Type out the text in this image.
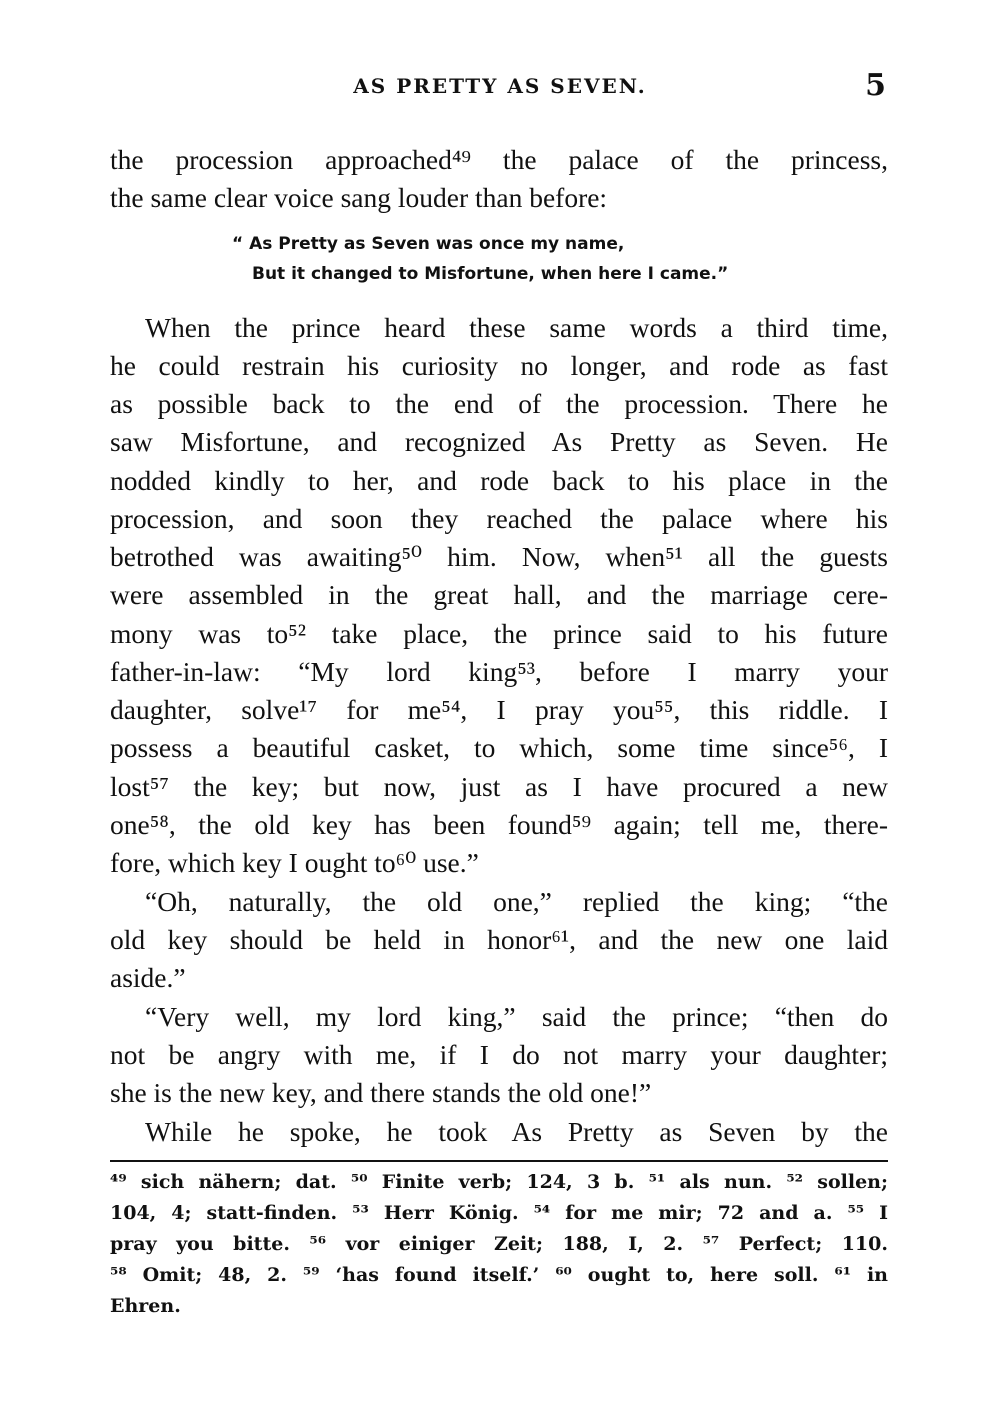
AS PRETTY AS SEVEN.	5
the procession approached⁴⁹ the palace of the princess,
the same clear voice sang louder than before:
“ As Pretty as Seven was once my name,
But it changed to Misfortune, when here I came.”
When the prince heard these same words a third time,
he could restrain his curiosity no longer, and rode as fast
as possible back to the end of the procession. There he
saw Misfortune, and recognized As Pretty as Seven. He
nodded kindly to her, and rode back to his place in the
procession, and soon they reached the palace where his
betrothed was awaiting⁵⁰ him. Now, when⁵¹ all the guests
were assembled in the great hall, and the marriage cere-
mony was to⁵² take place, the prince said to his future
father-in-law: “My lord king⁵³, before I marry your
daughter, solve¹⁷ for me⁵⁴, I pray you⁵⁵, this riddle. I
possess a beautiful casket, to which, some time since⁵⁶, I
lost⁵⁷ the key; but now, just as I have procured a new
one⁵⁸, the old key has been found⁵⁹ again; tell me, there-
fore, which key I ought to⁶⁰ use.”
“Oh, naturally, the old one,” replied the king; “the
old key should be held in honor⁶¹, and the new one laid
aside.”
“Very well, my lord king,” said the prince; “then do
not be angry with me, if I do not marry your daughter;
she is the new key, and there stands the old one!”
While he spoke, he took As Pretty as Seven by the
⁴⁹ sich nähern; dat. ⁵⁰ Finite verb; 124, 3 b. ⁵¹ als nun. ⁵² sollen;
104, 4; statt-finden. ⁵³ Herr König. ⁵⁴ for me mir; 72 and a. ⁵⁵ I
pray you bitte. ⁵⁶ vor einiger Zeit; 188, I, 2. ⁵⁷ Perfect; 110.
⁵⁸ Omit; 48, 2. ⁵⁹ ‘has found itself.’ ⁶⁰ ought to, here soll. ⁶¹ in
Ehren.
